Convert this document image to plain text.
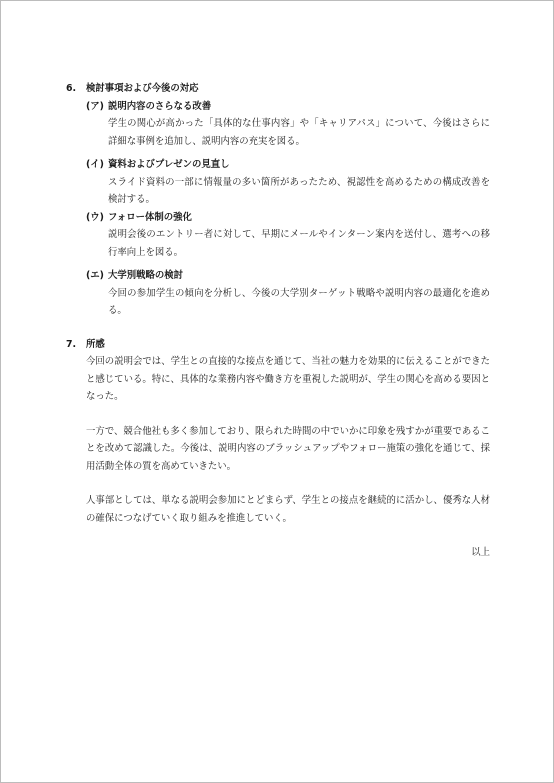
6.	検討事項および今後の対応
(ア) 説明内容のさらなる改善
学生の関心が高かった「具体的な仕事内容」や「キャリアパス」について、今後はさらに詳細な事例を追加し、説明内容の充実を図る。
(イ) 資料およびプレゼンの見直し
スライド資料の一部に情報量の多い箇所があったため、視認性を高めるための構成改善を検討する。
(ウ) フォロー体制の強化
説明会後のエントリー者に対して、早期にメールやインターン案内を送付し、選考への移行率向上を図る。
(エ) 大学別戦略の検討
今回の参加学生の傾向を分析し、今後の大学別ターゲット戦略や説明内容の最適化を進める。
7.	所感
今回の説明会では、学生との直接的な接点を通じて、当社の魅力を効果的に伝えることができたと感じている。特に、具体的な業務内容や働き方を重視した説明が、学生の関心を高める要因となった。
一方で、競合他社も多く参加しており、限られた時間の中でいかに印象を残すかが重要であることを改めて認識した。今後は、説明内容のブラッシュアップやフォロー施策の強化を通じて、採用活動全体の質を高めていきたい。
人事部としては、単なる説明会参加にとどまらず、学生との接点を継続的に活かし、優秀な人材の確保につなげていく取り組みを推進していく。
以上
